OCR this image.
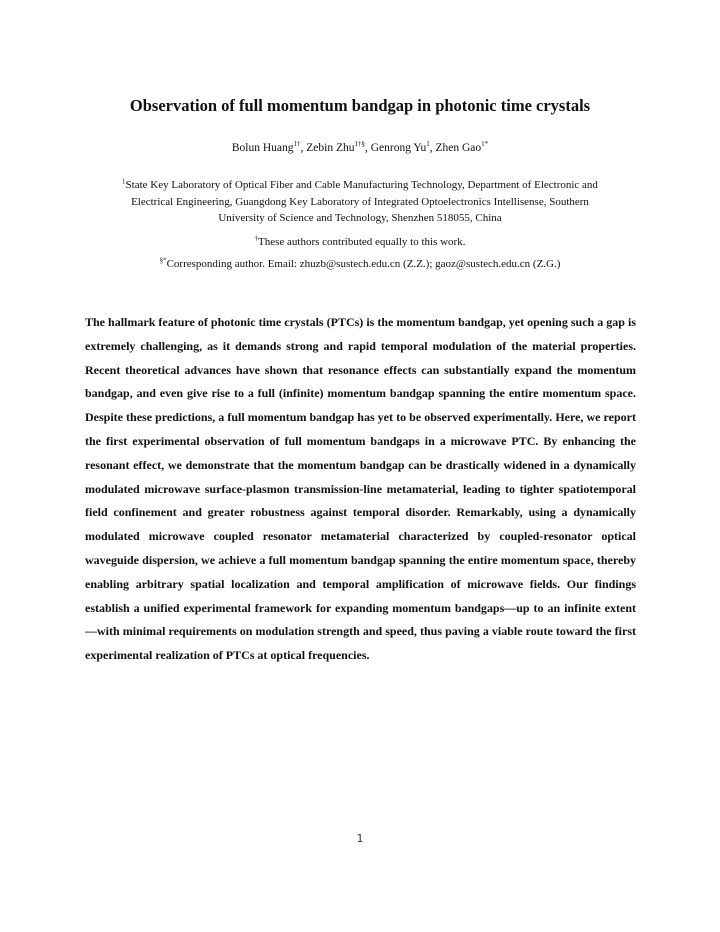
Observation of full momentum bandgap in photonic time crystals
Bolun Huang$^{1\dagger}$, Zebin Zhu$^{1\dagger\S}$, Genrong Yu$^1$, Zhen Gao$^{1*}$
$^1$State Key Laboratory of Optical Fiber and Cable Manufacturing Technology, Department of Electronic and Electrical Engineering, Guangdong Key Laboratory of Integrated Optoelectronics Intellisense, Southern University of Science and Technology, Shenzhen 518055, China
†These authors contributed equally to this work.
§*Corresponding author. Email: zhuzb@sustech.edu.cn (Z.Z.); gaoz@sustech.edu.cn (Z.G.)

The hallmark feature of photonic time crystals (PTCs) is the momentum bandgap, yet opening such a gap is extremely challenging, as it demands strong and rapid temporal modulation of the material properties. Recent theoretical advances have shown that resonance effects can substantially expand the momentum bandgap, and even give rise to a full (infinite) momentum bandgap spanning the entire momentum space. Despite these predictions, a full momentum bandgap has yet to be observed experimentally. Here, we report the first experimental observation of full momentum bandgaps in a microwave PTC. By enhancing the resonant effect, we demonstrate that the momentum bandgap can be drastically widened in a dynamically modulated microwave surface-plasmon transmission-line metamaterial, leading to tighter spatiotemporal field confinement and greater robustness against temporal disorder. Remarkably, using a dynamically modulated microwave coupled resonator metamaterial characterized by coupled-resonator optical waveguide dispersion, we achieve a full momentum bandgap spanning the entire momentum space, thereby enabling arbitrary spatial localization and temporal amplification of microwave fields. Our findings establish a unified experimental framework for expanding momentum bandgaps—up to an infinite extent—with minimal requirements on modulation strength and speed, thus paving a viable route toward the first experimental realization of PTCs at optical frequencies.

1
